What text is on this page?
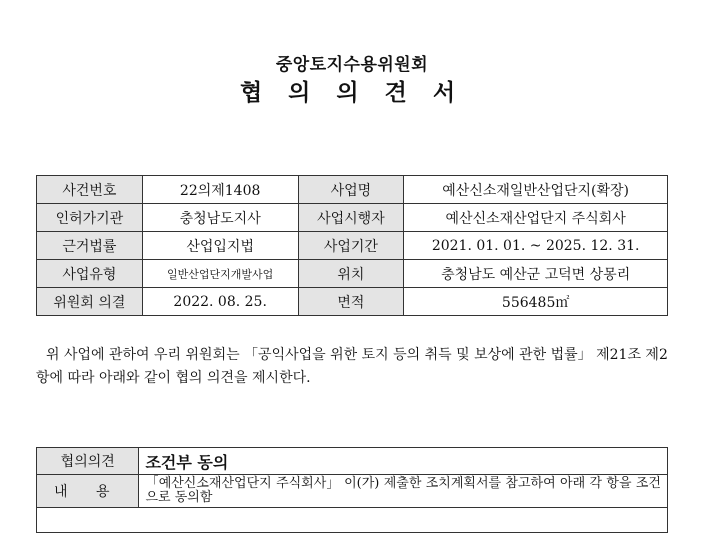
중앙토지수용위원회
협 의 의 견 서
사건번호	22의제1408	사업명	예산신소재일반산업단지(확장)
인허가기관	충청남도지사	사업시행자	예산신소재산업단지 주식회사
근거법률	산업입지법	사업기간	2021. 01. 01. ~ 2025. 12. 31.
사업유형	일반산업단지개발사업	위치	충청남도 예산군 고덕면 상몽리
위원회 의결	2022. 08. 25.	면적	556485㎡
위 사업에 관하여 우리 위원회는 「공익사업을 위한 토지 등의 취득 및 보상에 관한 법률」 제21조 제2항에 따라 아래와 같이 협의 의견을 제시한다.
협의의견	조건부 동의
내 용	「예산신소재산업단지 주식회사」 이(가) 제출한 조치계획서를 참고하여 아래 각 항을 조건으로 동의함
